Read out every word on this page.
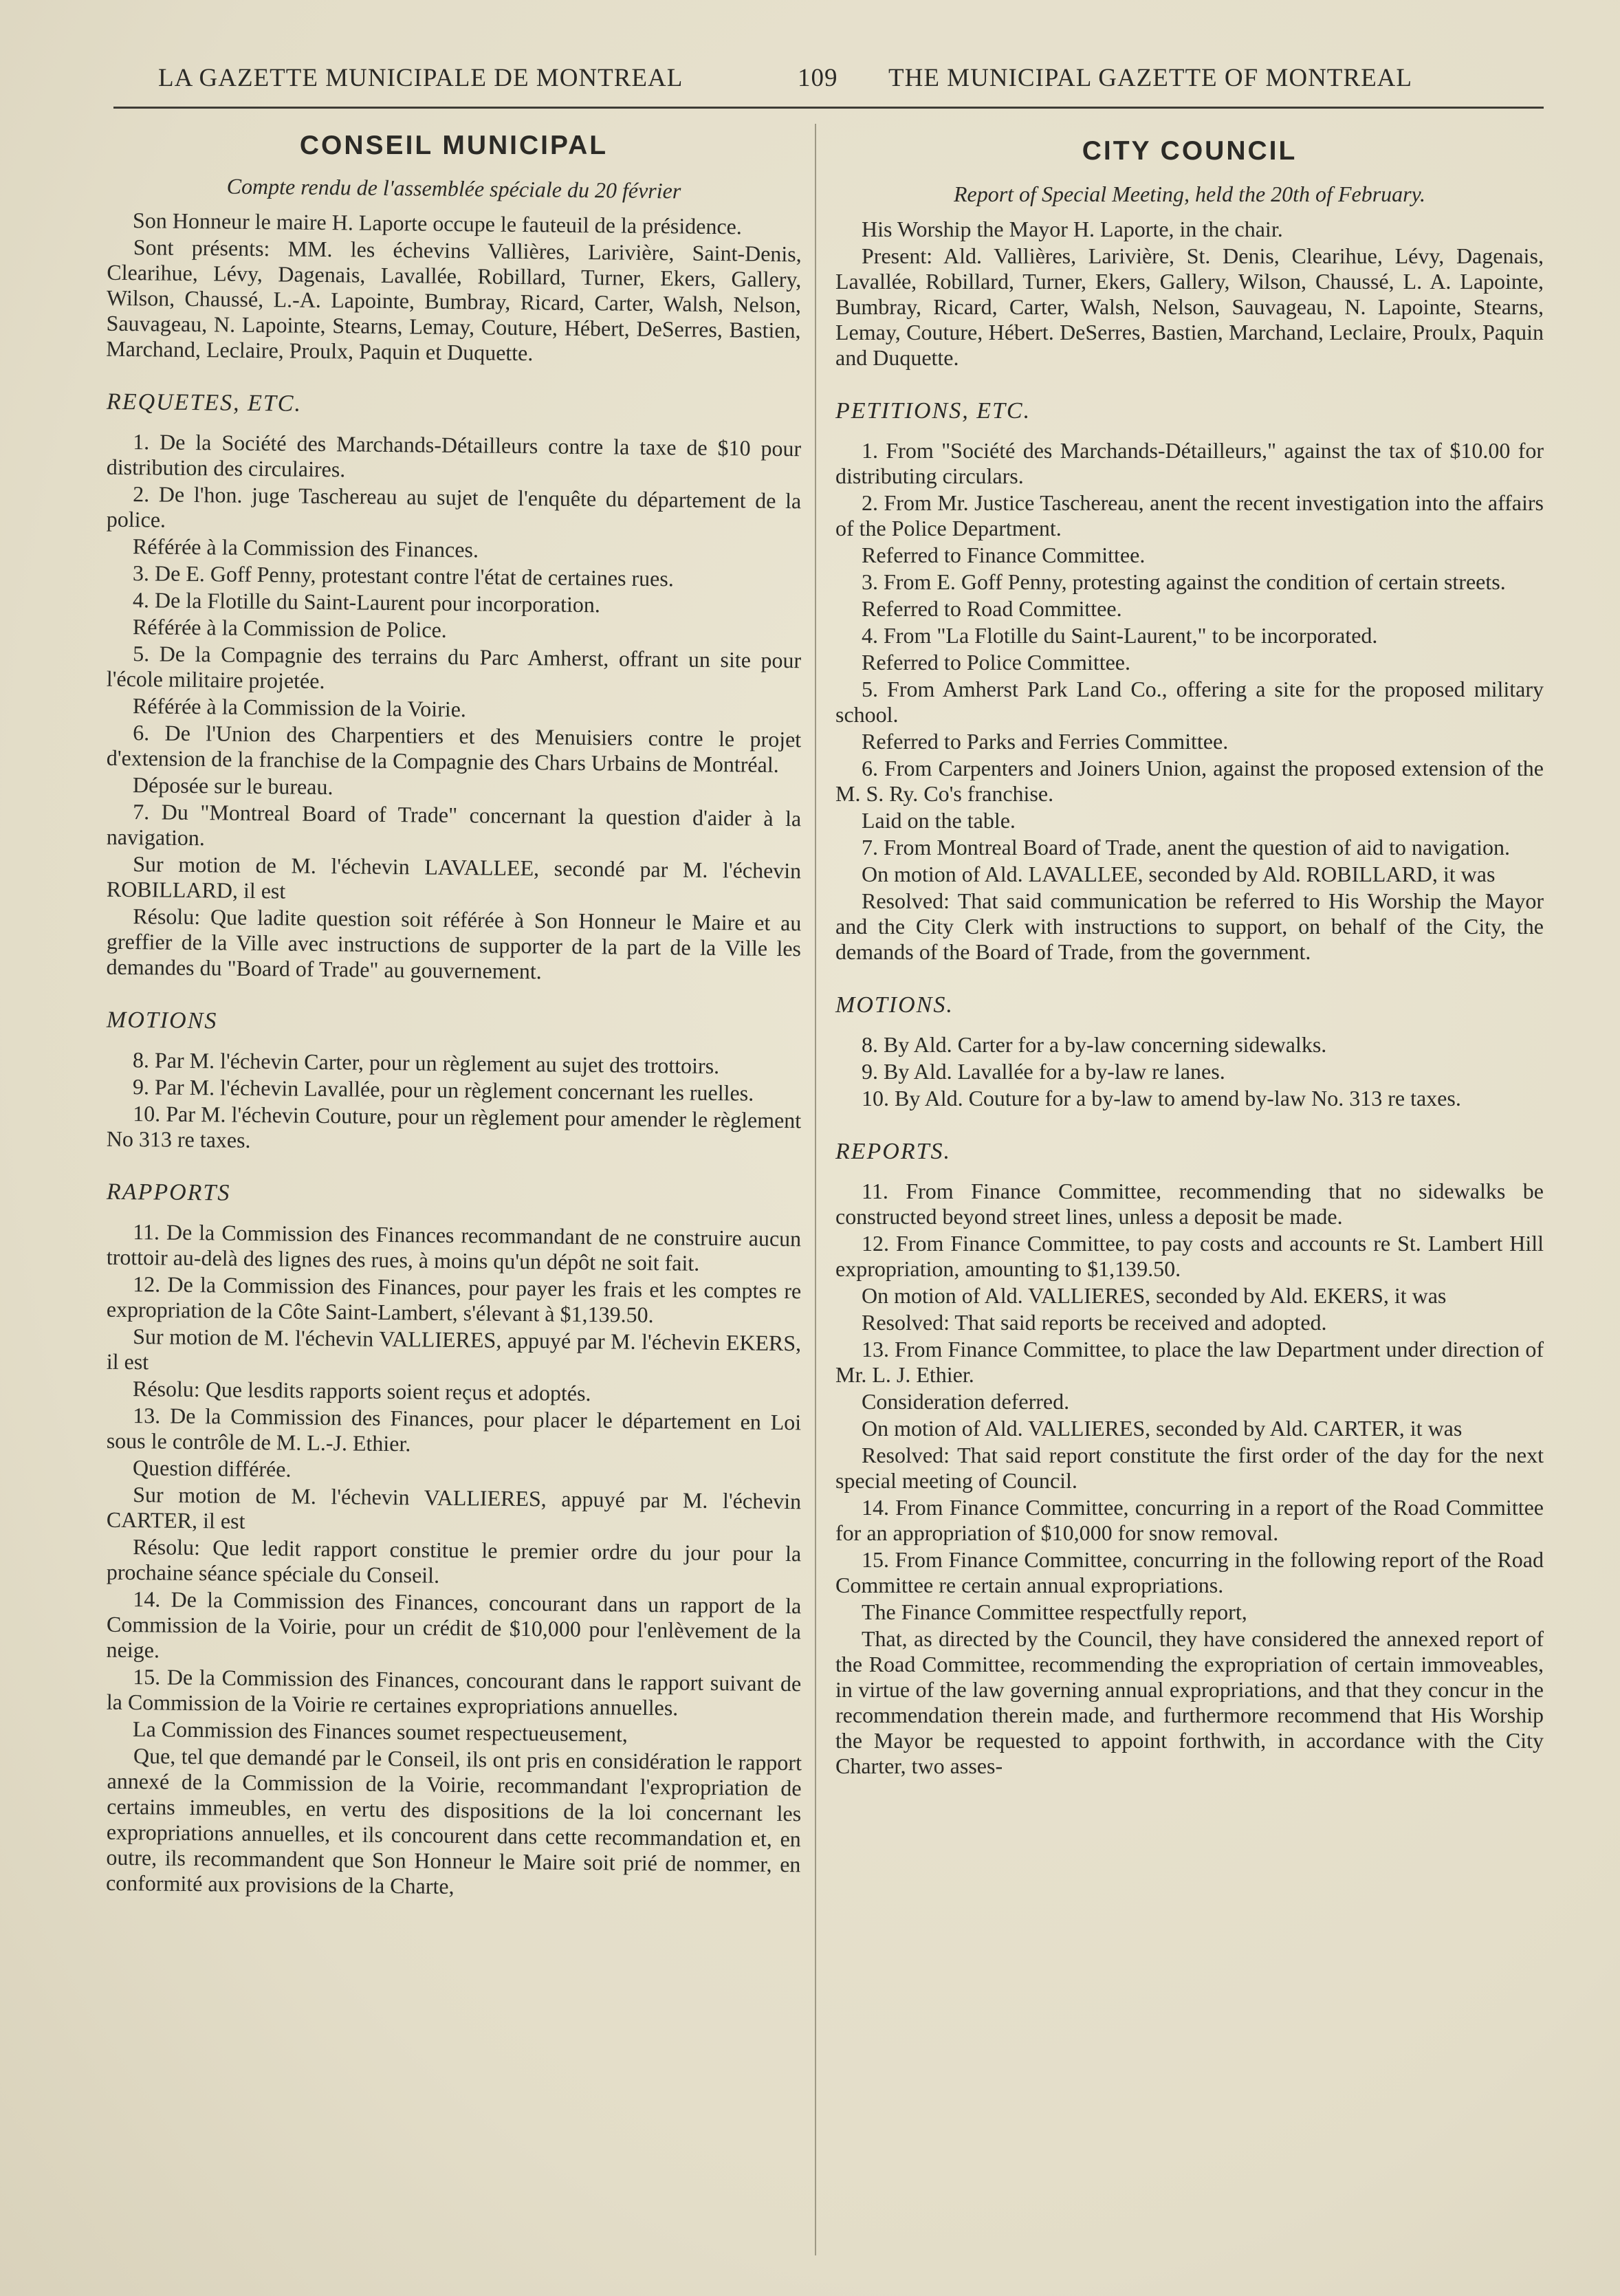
LA GAZETTE MUNICIPALE DE MONTREAL	109 THE MUNICIPAL GAZETTE OF MONTREAL
CONSEIL MUNICIPAL
Compte rendu de l'assemblée spéciale du 20 février

Son Honneur le maire H. Laporte occupe le fauteuil de la présidence.

Sont présents: MM. les échevins Vallières, Larivière, Saint-Denis, Clearihue, Lévy, Dagenais, Lavallée, Robillard, Turner, Ekers, Gallery, Wilson, Chaussé, L.-A. Lapointe, Bumbray, Ricard, Carter, Walsh, Nelson, Sauvageau, N. Lapointe, Stearns, Lemay, Couture, Hébert, DeSerres, Bastien, Marchand, Leclaire, Proulx, Paquin et Duquette.

REQUETES, ETC.

1. De la Société des Marchands-Détailleurs contre la taxe de $10 pour distribution des circulaires.

2. De l'hon. juge Taschereau au sujet de l'enquête du département de la police.

Référée à la Commission des Finances.

3. De E. Goff Penny, protestant contre l'état de certaines rues.

4. De la Flotille du Saint-Laurent pour incorporation.

Référée à la Commission de Police.

5. De la Compagnie des terrains du Parc Amherst, offrant un site pour l'école militaire projetée.

Référée à la Commission de la Voirie.

6. De l'Union des Charpentiers et des Menuisiers contre le projet d'extension de la franchise de la Compagnie des Chars Urbains de Montréal.

Déposée sur le bureau.

7. Du "Montreal Board of Trade" concernant la question d'aider à la navigation.

Sur motion de M. l'échevin LAVALLEE, secondé par M. l'échevin ROBILLARD, il est

Résolu: Que ladite question soit référée à Son Honneur le Maire et au greffier de la Ville avec instructions de supporter de la part de la Ville les demandes du "Board of Trade" au gouvernement.

MOTIONS

8. Par M. l'échevin Carter, pour un règlement au sujet des trottoirs.

9. Par M. l'échevin Lavallée, pour un règlement concernant les ruelles.

10. Par M. l'échevin Couture, pour un règlement pour amender le règlement No 313 re taxes.

RAPPORTS

11. De la Commission des Finances recommandant de ne construire aucun trottoir au-delà des lignes des rues, à moins qu'un dépôt ne soit fait.

12. De la Commission des Finances, pour payer les frais et les comptes re expropriation de la Côte Saint-Lambert, s'élevant à $1,139.50.

Sur motion de M. l'échevin VALLIERES, appuyé par M. l'échevin EKERS, il est

Résolu: Que lesdits rapports soient reçus et adoptés.

13. De la Commission des Finances, pour placer le département en Loi sous le contrôle de M. L.-J. Ethier.

Question différée.

Sur motion de M. l'échevin VALLIERES, appuyé par M. l'échevin CARTER, il est

Résolu: Que ledit rapport constitue le premier ordre du jour pour la prochaine séance spéciale du Conseil.

14. De la Commission des Finances, concourant dans un rapport de la Commission de la Voirie, pour un crédit de $10,000 pour l'enlèvement de la neige.

15. De la Commission des Finances, concourant dans le rapport suivant de la Commission de la Voirie re certaines expropriations annuelles.

La Commission des Finances soumet respectueusement,

Que, tel que demandé par le Conseil, ils ont pris en considération le rapport annexé de la Commission de la Voirie, recommandant l'expropriation de certains immeubles, en vertu des dispositions de la loi concernant les expropriations annuelles, et ils concourent dans cette recommandation et, en outre, ils recommandent que Son Honneur le Maire soit prié de nommer, en conformité aux provisions de la Charte,

CITY COUNCIL
Report of Special Meeting, held the 20th of February.

His Worship the Mayor H. Laporte, in the chair.

Present: Ald. Vallières, Larivière, St. Denis, Clearihue, Lévy, Dagenais, Lavallée, Robillard, Turner, Ekers, Gallery, Wilson, Chaussé, L. A. Lapointe, Bumbray, Ricard, Carter, Walsh, Nelson, Sauvageau, N. Lapointe, Stearns, Lemay, Couture, Hébert. DeSerres, Bastien, Marchand, Leclaire, Proulx, Paquin and Duquette.

PETITIONS, ETC.

1. From "Société des Marchands-Détailleurs," against the tax of $10.00 for distributing circulars.

2. From Mr. Justice Taschereau, anent the recent investigation into the affairs of the Police Department.

Referred to Finance Committee.

3. From E. Goff Penny, protesting against the condition of certain streets.

Referred to Road Committee.

4. From "La Flotille du Saint-Laurent," to be incorporated.

Referred to Police Committee.

5. From Amherst Park Land Co., offering a site for the proposed military school.

Referred to Parks and Ferries Committee.

6. From Carpenters and Joiners Union, against the proposed extension of the M. S. Ry. Co's franchise.

Laid on the table.

7. From Montreal Board of Trade, anent the question of aid to navigation.

On motion of Ald. LAVALLEE, seconded by Ald. ROBILLARD, it was

Resolved: That said communication be referred to His Worship the Mayor and the City Clerk with instructions to support, on behalf of the City, the demands of the Board of Trade, from the government.

MOTIONS.

8. By Ald. Carter for a by-law concerning sidewalks.

9. By Ald. Lavallée for a by-law re lanes.

10. By Ald. Couture for a by-law to amend by-law No. 313 re taxes.

REPORTS.

11. From Finance Committee, recommending that no sidewalks be constructed beyond street lines, unless a deposit be made.

12. From Finance Committee, to pay costs and accounts re St. Lambert Hill expropriation, amounting to $1,139.50.

On motion of Ald. VALLIERES, seconded by Ald. EKERS, it was

Resolved: That said reports be received and adopted.

13. From Finance Committee, to place the law Department under direction of Mr. L. J. Ethier.

Consideration deferred.

On motion of Ald. VALLIERES, seconded by Ald. CARTER, it was

Resolved: That said report constitute the first order of the day for the next special meeting of Council.

14. From Finance Committee, concurring in a report of the Road Committee for an appropriation of $10,000 for snow removal.

15. From Finance Committee, concurring in the following report of the Road Committee re certain annual expropriations.

The Finance Committee respectfully report,

That, as directed by the Council, they have considered the annexed report of the Road Committee, recommending the expropriation of certain immoveables, in virtue of the law governing annual expropriations, and that they concur in the recommendation therein made, and furthermore recommend that His Worship the Mayor be requested to appoint forthwith, in accordance with the City Charter, two asses-
